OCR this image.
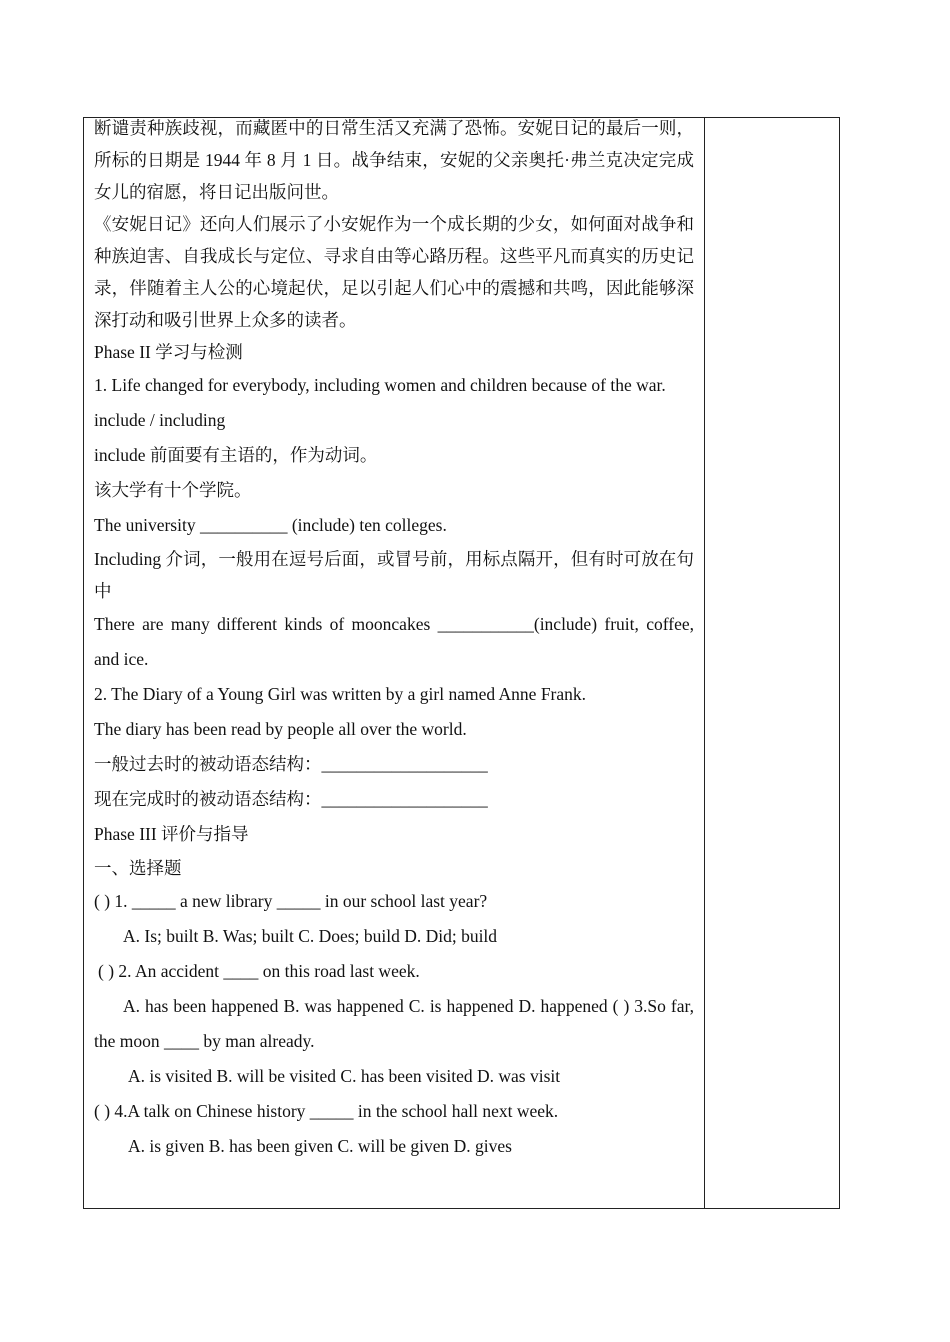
断谴责种族歧视，而藏匿中的日常生活又充满了恐怖。安妮日记的最后一则，所标的日期是 1944 年 8 月 1 日。战争结束，安妮的父亲奥托·弗兰克决定完成女儿的宿愿，将日记出版问世。

《安妮日记》还向人们展示了小安妮作为一个成长期的少女，如何面对战争和种族迫害、自我成长与定位、寻求自由等心路历程。这些平凡而真实的历史记录，伴随着主人公的心境起伏，足以引起人们心中的震撼和共鸣，因此能够深深打动和吸引世界上众多的读者。

Phase II 学习与检测

1. Life changed for everybody, including women and children because of the war.

include / including

include 前面要有主语的，作为动词。

该大学有十个学院。

The university __________ (include) ten colleges.

Including 介词，一般用在逗号后面，或冒号前，用标点隔开，但有时可放在句中

There are many different kinds of mooncakes ___________(include) fruit, coffee, and ice.

2. The Diary of a Young Girl was written by a girl named Anne Frank.

The diary has been read by people all over the world.

一般过去时的被动语态结构：___________________

现在完成时的被动语态结构：___________________

Phase III 评价与指导

一、选择题

( ) 1. _____ a new library _____ in our school last year?

A. Is; built B. Was; built C. Does; build D. Did; build

( ) 2. An accident ____ on this road last week.

A. has been happened B. was happened C. is happened D. happened ( ) 3.So far, the moon ____ by man already.

A. is visited B. will be visited C. has been visited D. was visit

( ) 4.A talk on Chinese history _____ in the school hall next week.

A. is given B. has been given C. will be given D. gives
